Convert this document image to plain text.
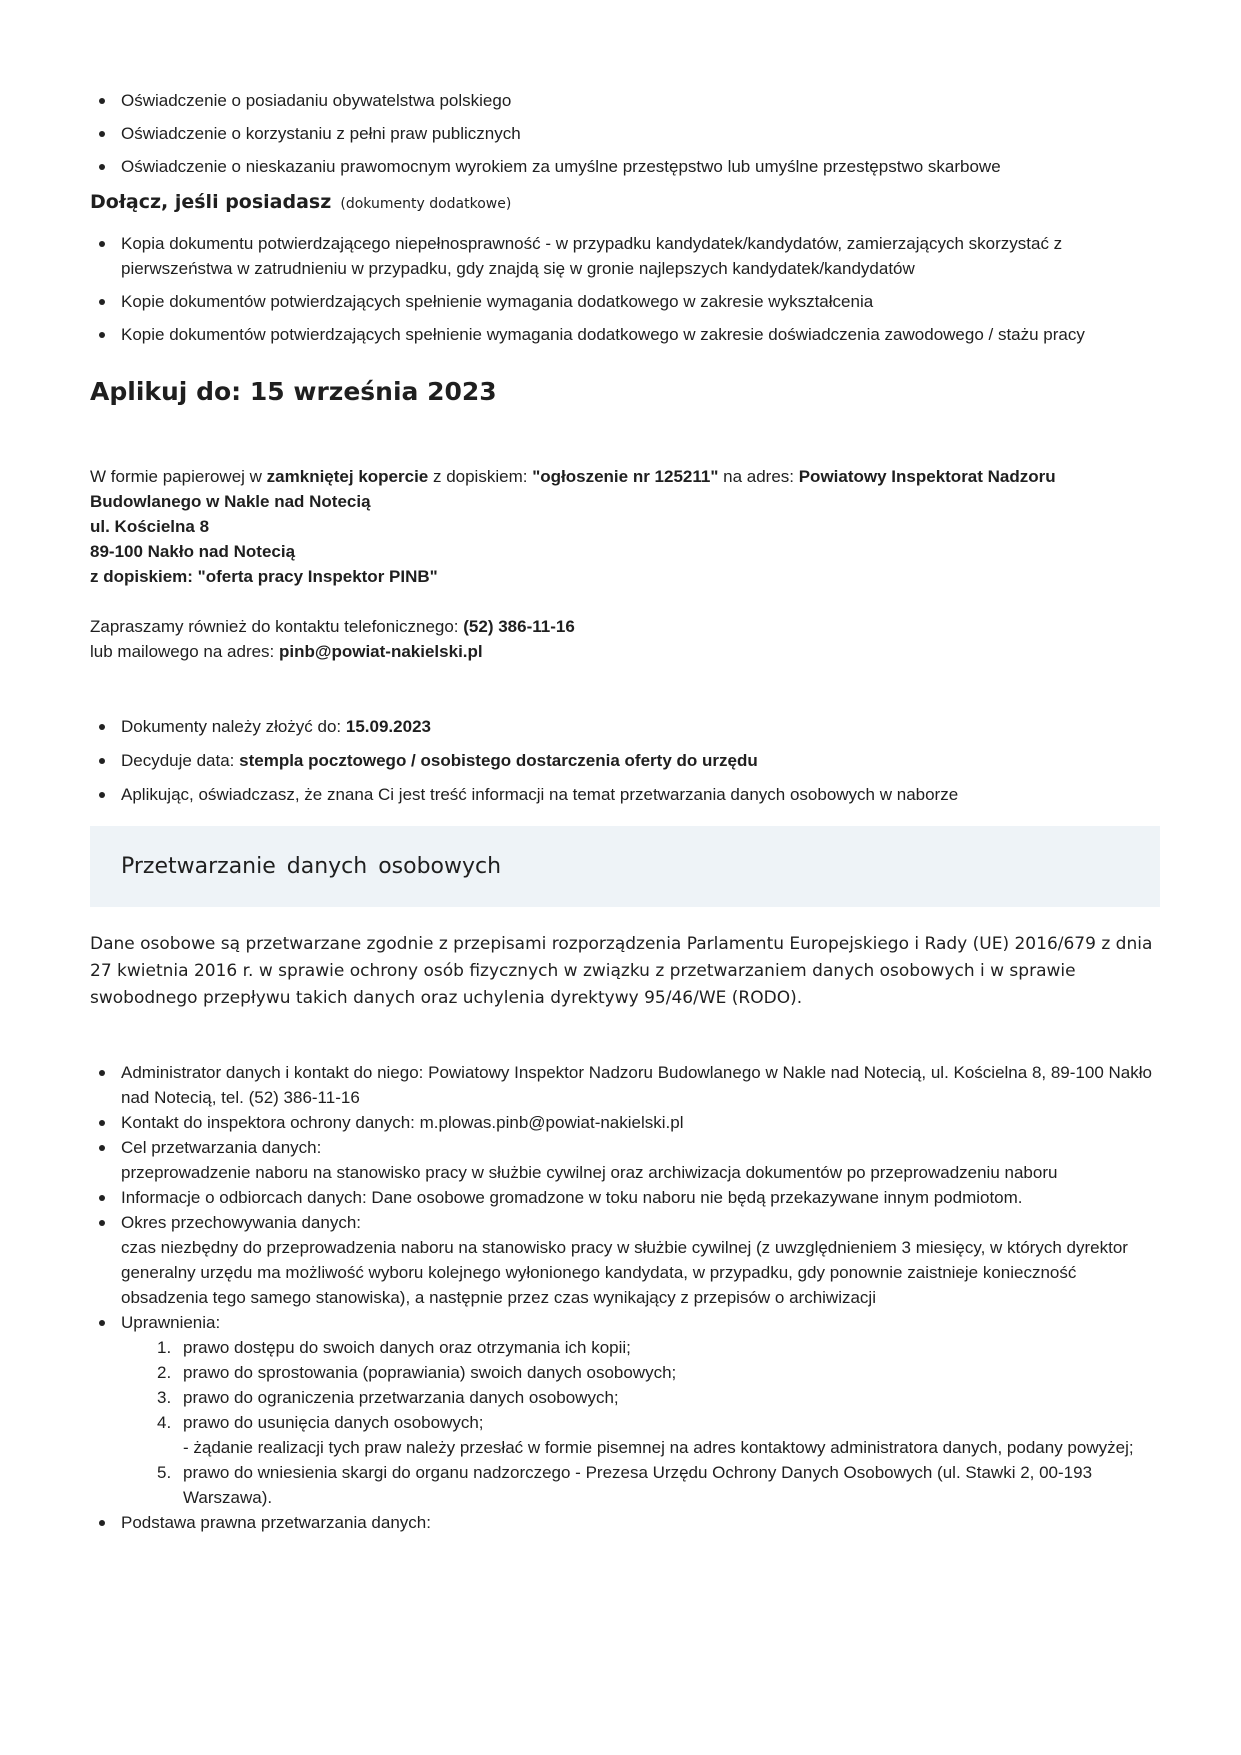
Oświadczenie o posiadaniu obywatelstwa polskiego
Oświadczenie o korzystaniu z pełni praw publicznych
Oświadczenie o nieskazaniu prawomocnym wyrokiem za umyślne przestępstwo lub umyślne przestępstwo skarbowe
Dołącz, jeśli posiadasz (dokumenty dodatkowe)
Kopia dokumentu potwierdzającego niepełnosprawność - w przypadku kandydatek/kandydatów, zamierzających skorzystać z pierwszeństwa w zatrudnieniu w przypadku, gdy znajdą się w gronie najlepszych kandydatek/kandydatów
Kopie dokumentów potwierdzających spełnienie wymagania dodatkowego w zakresie wykształcenia
Kopie dokumentów potwierdzających spełnienie wymagania dodatkowego w zakresie doświadczenia zawodowego / stażu pracy
Aplikuj do: 15 września 2023
W formie papierowej w zamkniętej kopercie z dopiskiem: "ogłoszenie nr 125211" na adres: Powiatowy Inspektorat Nadzoru Budowlanego w Nakle nad Notecią
ul. Kościelna 8
89-100 Nakło nad Notecią
z dopiskiem: "oferta pracy Inspektor PINB"
Zapraszamy również do kontaktu telefonicznego: (52) 386-11-16
lub mailowego na adres: pinb@powiat-nakielski.pl
Dokumenty należy złożyć do: 15.09.2023
Decyduje data: stempla pocztowego / osobistego dostarczenia oferty do urzędu
Aplikując, oświadczasz, że znana Ci jest treść informacji na temat przetwarzania danych osobowych w naborze
Przetwarzanie danych osobowych

Dane osobowe są przetwarzane zgodnie z przepisami rozporządzenia Parlamentu Europejskiego i Rady (UE) 2016/679 z dnia 27 kwietnia 2016 r. w sprawie ochrony osób fizycznych w związku z przetwarzaniem danych osobowych i w sprawie swobodnego przepływu takich danych oraz uchylenia dyrektywy 95/46/WE (RODO).

Administrator danych i kontakt do niego: Powiatowy Inspektor Nadzoru Budowlanego w Nakle nad Notecią, ul. Kościelna 8, 89-100 Nakło nad Notecią, tel. (52) 386-11-16
Kontakt do inspektora ochrony danych: m.plowas.pinb@powiat-nakielski.pl
Cel przetwarzania danych:
przeprowadzenie naboru na stanowisko pracy w służbie cywilnej oraz archiwizacja dokumentów po przeprowadzeniu naboru
Informacje o odbiorcach danych: Dane osobowe gromadzone w toku naboru nie będą przekazywane innym podmiotom.
Okres przechowywania danych:
czas niezbędny do przeprowadzenia naboru na stanowisko pracy w służbie cywilnej (z uwzględnieniem 3 miesięcy, w których dyrektor generalny urzędu ma możliwość wyboru kolejnego wyłonionego kandydata, w przypadku, gdy ponownie zaistnieje konieczność obsadzenia tego samego stanowiska), a następnie przez czas wynikający z przepisów o archiwizacji
Uprawnienia:
1. prawo dostępu do swoich danych oraz otrzymania ich kopii;
2. prawo do sprostowania (poprawiania) swoich danych osobowych;
3. prawo do ograniczenia przetwarzania danych osobowych;
4. prawo do usunięcia danych osobowych;
- żądanie realizacji tych praw należy przesłać w formie pisemnej na adres kontaktowy administratora danych, podany powyżej;
5. prawo do wniesienia skargi do organu nadzorczego - Prezesa Urzędu Ochrony Danych Osobowych (ul. Stawki 2, 00-193 Warszawa).
Podstawa prawna przetwarzania danych:
